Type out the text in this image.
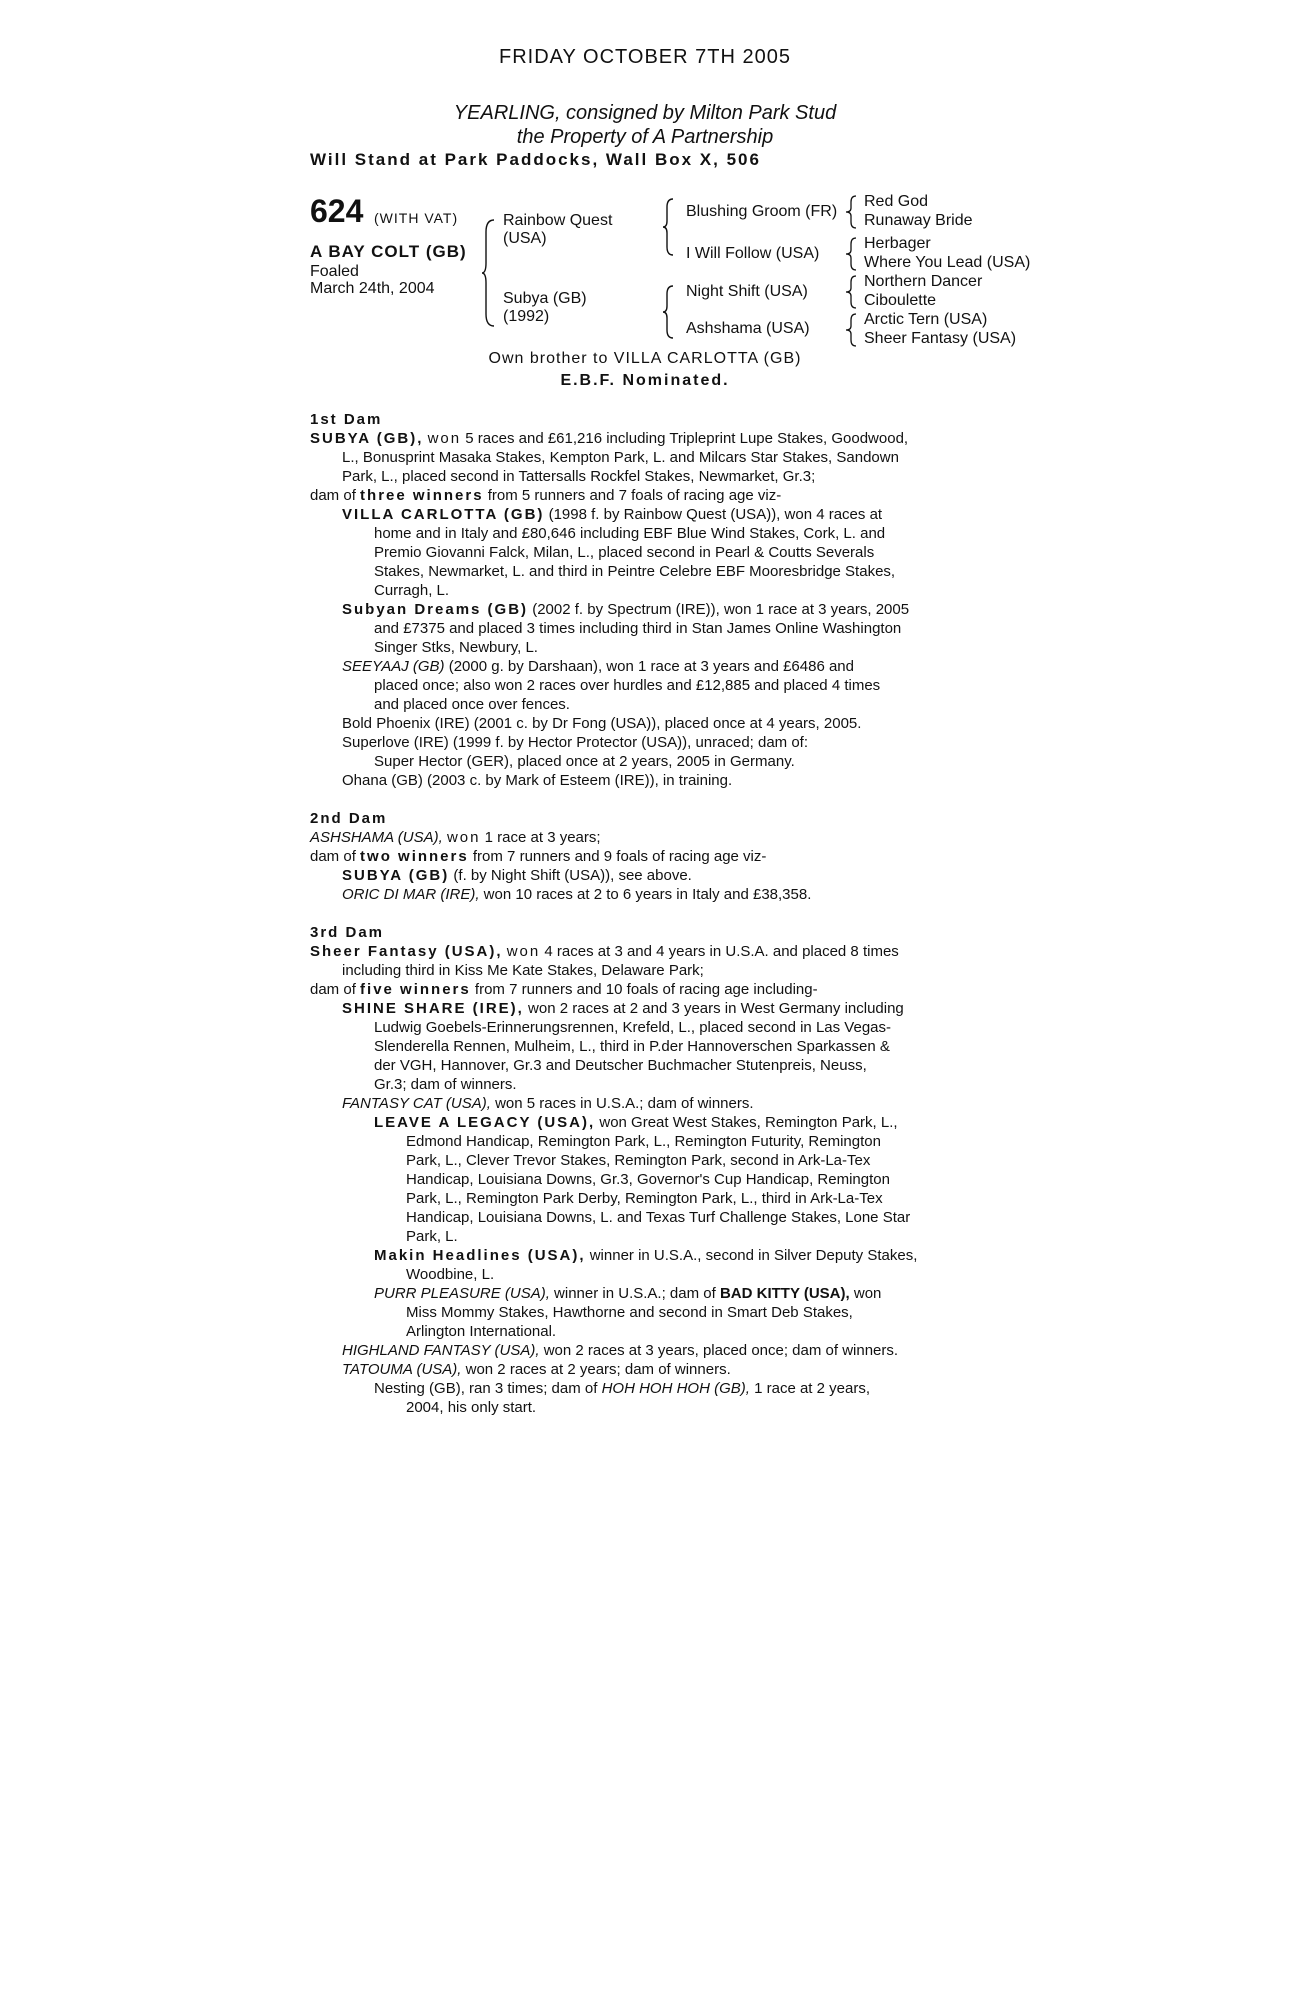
FRIDAY OCTOBER 7TH 2005
YEARLING, consigned by Milton Park Stud
the Property of A Partnership
Will Stand at Park Paddocks, Wall Box X, 506
624 (WITH VAT)
A BAY COLT (GB)
Foaled
March 24th, 2004
Rainbow Quest
(USA)
Subya (GB)
(1992)
Blushing Groom (FR)
I Will Follow (USA)
Night Shift (USA)
Ashshama (USA)
Red God
Runaway Bride
Herbager
Where You Lead (USA)
Northern Dancer
Ciboulette
Arctic Tern (USA)
Sheer Fantasy (USA)
Own brother to VILLA CARLOTTA (GB)
E.B.F. Nominated.
1st Dam
SUBYA (GB), won 5 races and £61,216 including Tripleprint Lupe Stakes, Goodwood,
L., Bonusprint Masaka Stakes, Kempton Park, L. and Milcars Star Stakes, Sandown
Park, L., placed second in Tattersalls Rockfel Stakes, Newmarket, Gr.3;
dam of three winners from 5 runners and 7 foals of racing age viz-
VILLA CARLOTTA (GB) (1998 f. by Rainbow Quest (USA)), won 4 races at
home and in Italy and £80,646 including EBF Blue Wind Stakes, Cork, L. and
Premio Giovanni Falck, Milan, L., placed second in Pearl & Coutts Severals
Stakes, Newmarket, L. and third in Peintre Celebre EBF Mooresbridge Stakes,
Curragh, L.
Subyan Dreams (GB) (2002 f. by Spectrum (IRE)), won 1 race at 3 years, 2005
and £7375 and placed 3 times including third in Stan James Online Washington
Singer Stks, Newbury, L.
SEEYAAJ (GB) (2000 g. by Darshaan), won 1 race at 3 years and £6486 and
placed once; also won 2 races over hurdles and £12,885 and placed 4 times
and placed once over fences.
Bold Phoenix (IRE) (2001 c. by Dr Fong (USA)), placed once at 4 years, 2005.
Superlove (IRE) (1999 f. by Hector Protector (USA)), unraced; dam of:
Super Hector (GER), placed once at 2 years, 2005 in Germany.
Ohana (GB) (2003 c. by Mark of Esteem (IRE)), in training.
2nd Dam
ASHSHAMA (USA), won 1 race at 3 years;
dam of two winners from 7 runners and 9 foals of racing age viz-
SUBYA (GB) (f. by Night Shift (USA)), see above.
ORIC DI MAR (IRE), won 10 races at 2 to 6 years in Italy and £38,358.
3rd Dam
Sheer Fantasy (USA), won 4 races at 3 and 4 years in U.S.A. and placed 8 times
including third in Kiss Me Kate Stakes, Delaware Park;
dam of five winners from 7 runners and 10 foals of racing age including-
SHINE SHARE (IRE), won 2 races at 2 and 3 years in West Germany including
Ludwig Goebels-Erinnerungsrennen, Krefeld, L., placed second in Las Vegas-
Slenderella Rennen, Mulheim, L., third in P.der Hannoverschen Sparkassen &
der VGH, Hannover, Gr.3 and Deutscher Buchmacher Stutenpreis, Neuss,
Gr.3; dam of winners.
FANTASY CAT (USA), won 5 races in U.S.A.; dam of winners.
LEAVE A LEGACY (USA), won Great West Stakes, Remington Park, L.,
Edmond Handicap, Remington Park, L., Remington Futurity, Remington
Park, L., Clever Trevor Stakes, Remington Park, second in Ark-La-Tex
Handicap, Louisiana Downs, Gr.3, Governor's Cup Handicap, Remington
Park, L., Remington Park Derby, Remington Park, L., third in Ark-La-Tex
Handicap, Louisiana Downs, L. and Texas Turf Challenge Stakes, Lone Star
Park, L.
Makin Headlines (USA), winner in U.S.A., second in Silver Deputy Stakes,
Woodbine, L.
PURR PLEASURE (USA), winner in U.S.A.; dam of BAD KITTY (USA), won
Miss Mommy Stakes, Hawthorne and second in Smart Deb Stakes,
Arlington International.
HIGHLAND FANTASY (USA), won 2 races at 3 years, placed once; dam of winners.
TATOUMA (USA), won 2 races at 2 years; dam of winners.
Nesting (GB), ran 3 times; dam of HOH HOH HOH (GB), 1 race at 2 years,
2004, his only start.
